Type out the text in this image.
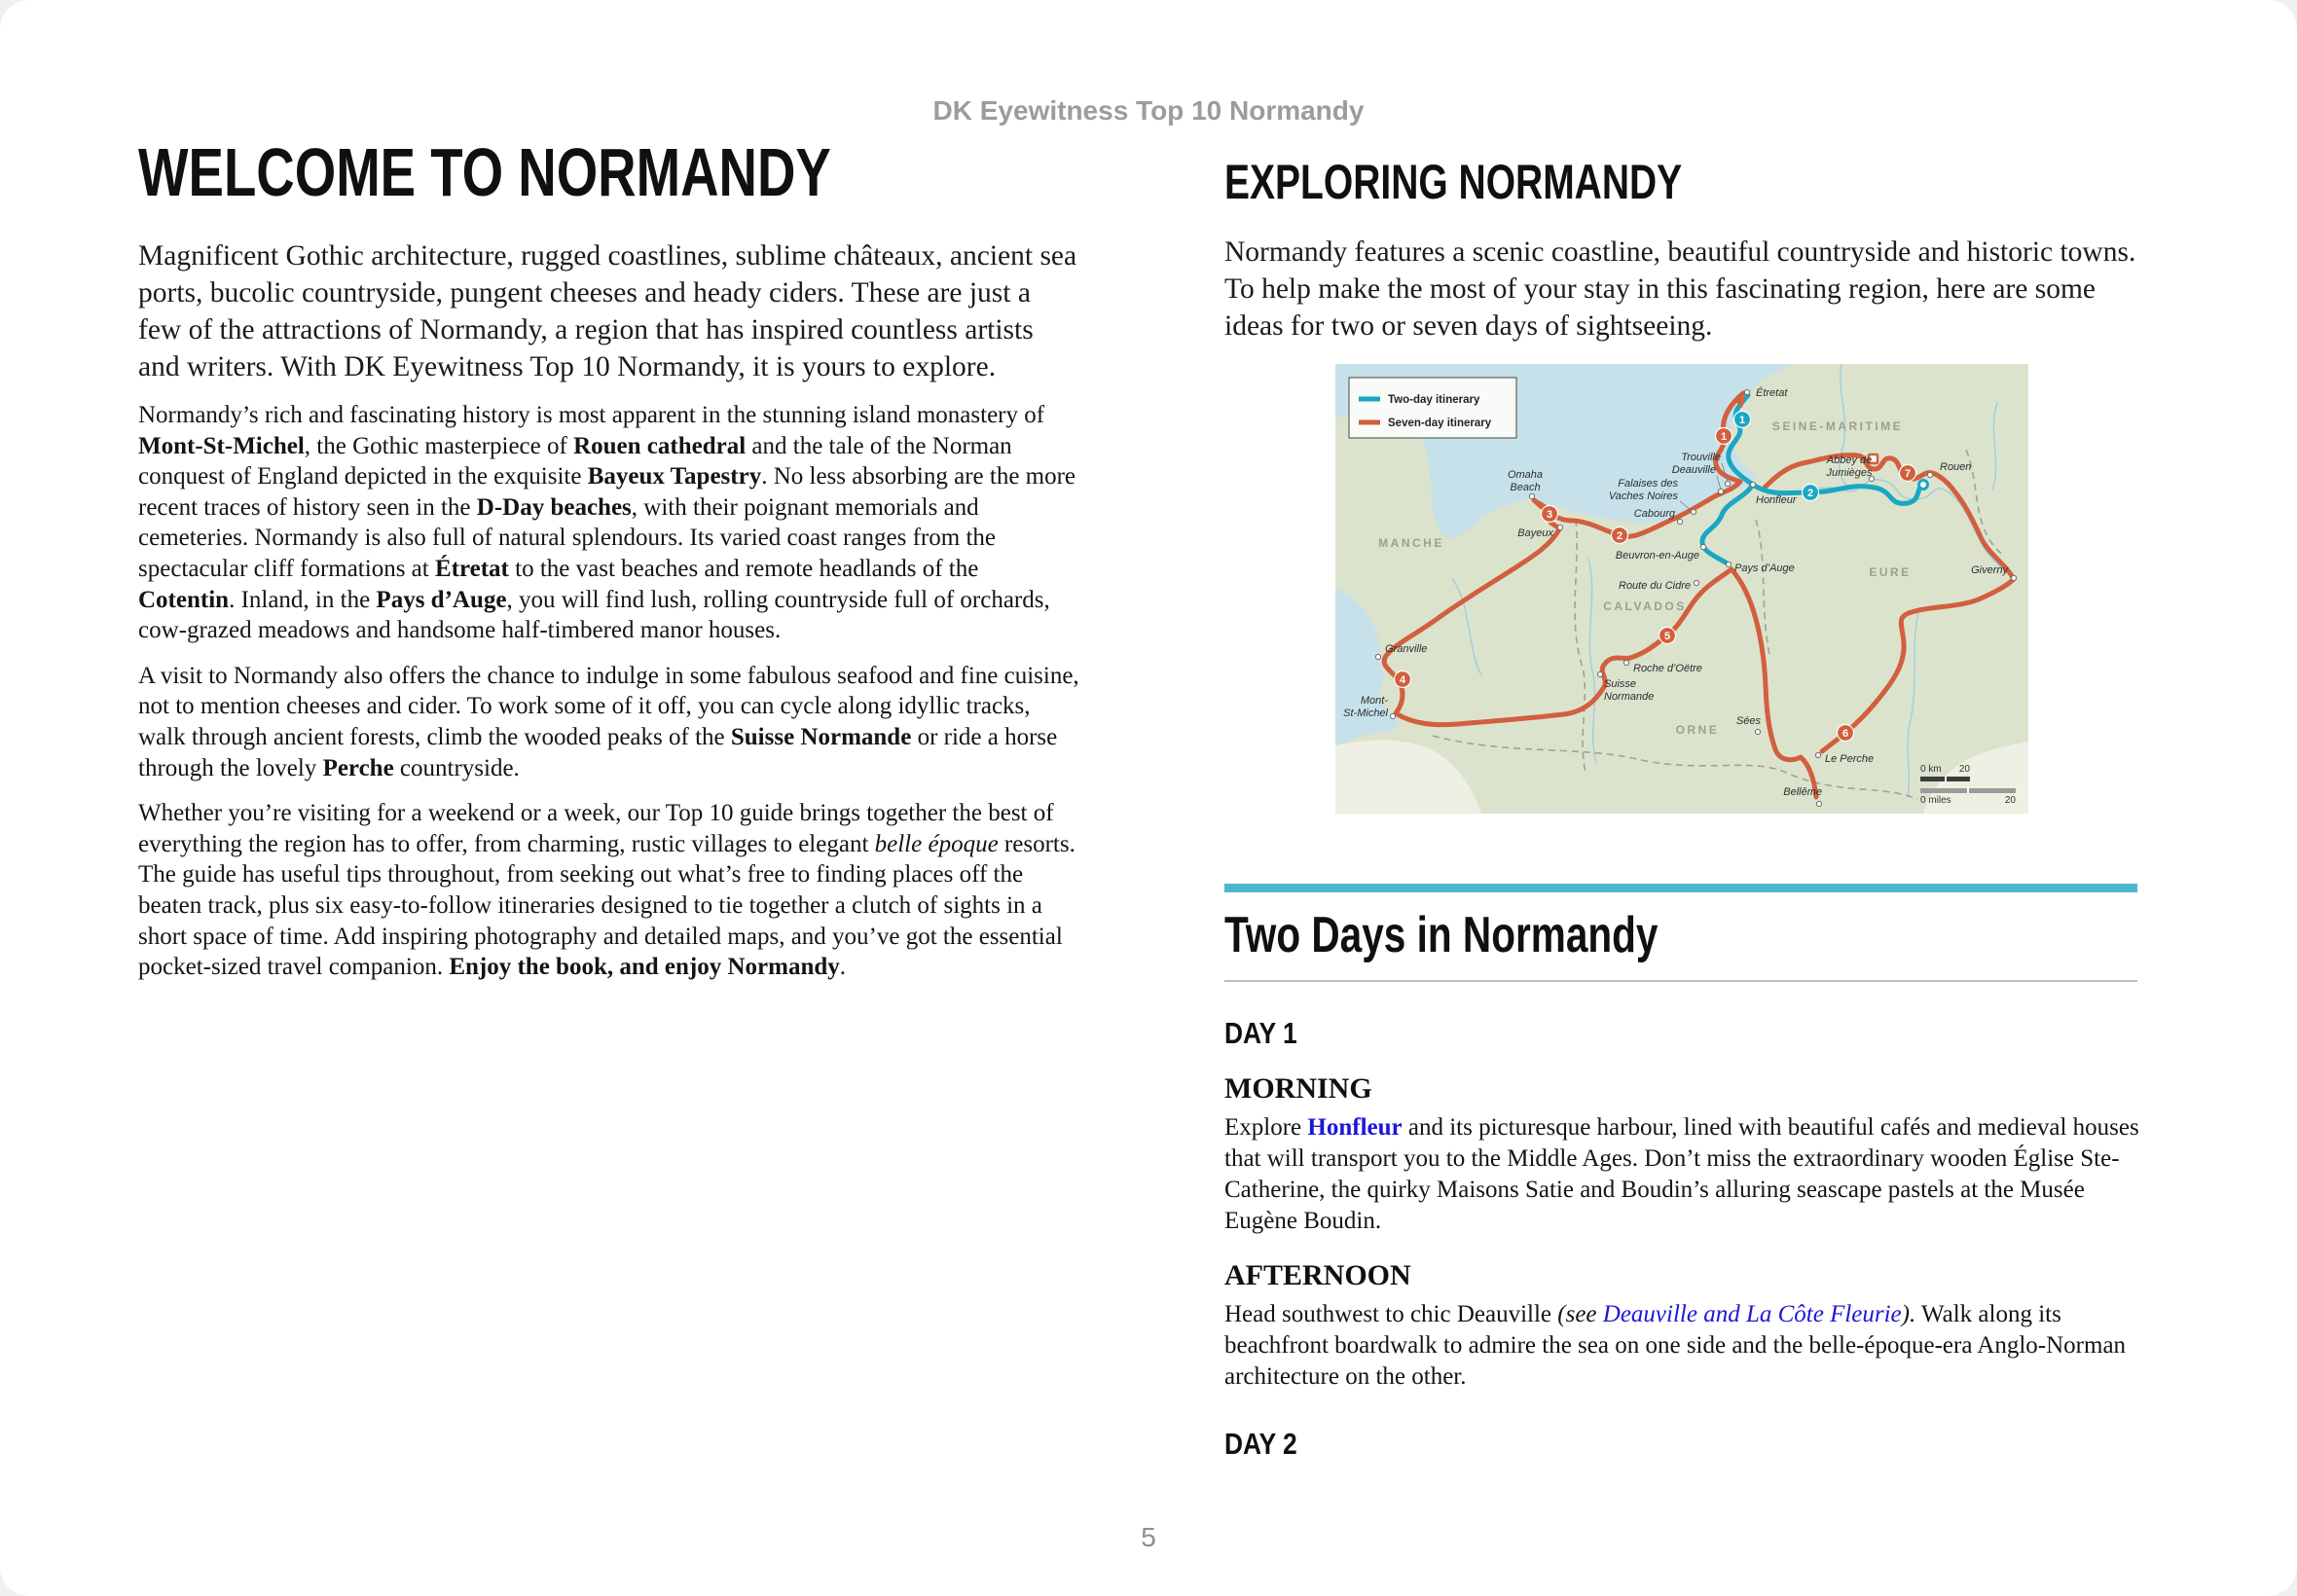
DK Eyewitness Top 10 Normandy
WELCOME TO NORMANDY

Magnificent Gothic architecture, rugged coastlines, sublime châteaux, ancient sea ports, bucolic countryside, pungent cheeses and heady ciders. These are just a few of the attractions of Normandy, a region that has inspired countless artists and writers. With DK Eyewitness Top 10 Normandy, it is yours to explore.

Normandy’s rich and fascinating history is most apparent in the stunning island monastery of Mont-St-Michel, the Gothic masterpiece of Rouen cathedral and the tale of the Norman conquest of England depicted in the exquisite Bayeux Tapestry. No less absorbing are the more recent traces of history seen in the D-Day beaches, with their poignant memorials and cemeteries. Normandy is also full of natural splendours. Its varied coast ranges from the spectacular cliff formations at Étretat to the vast beaches and remote headlands of the Cotentin. Inland, in the Pays d’Auge, you will find lush, rolling countryside full of orchards, cow-grazed meadows and handsome half-timbered manor houses.

A visit to Normandy also offers the chance to indulge in some fabulous seafood and fine cuisine, not to mention cheeses and cider. To work some of it off, you can cycle along idyllic tracks, walk through ancient forests, climb the wooded peaks of the Suisse Normande or ride a horse through the lovely Perche countryside.

Whether you’re visiting for a weekend or a week, our Top 10 guide brings together the best of everything the region has to offer, from charming, rustic villages to elegant belle époque resorts. The guide has useful tips throughout, from seeking out what’s free to finding places off the beaten track, plus six easy-to-follow itineraries designed to tie together a clutch of sights in a short space of time. Add inspiring photography and detailed maps, and you’ve got the essential pocket-sized travel companion. Enjoy the book, and enjoy Normandy.

EXPLORING NORMANDY

Normandy features a scenic coastline, beautiful countryside and historic towns. To help make the most of your stay in this fascinating region, here are some ideas for two or seven days of sightseeing.

Two-day itinerary
Seven-day itinerary
Étretat
SEINE-MARITIME
Trouville
Deauville
Abbey de
Jumièges	Rouen
Honfleur
Falaises des
Vaches Noires
Cabourg
Omaha
Beach
Bayeux
Beuvron-en-Auge
Pays d’Auge
Route du Cidre
CALVADOS
EURE
MANCHE
Granville
Mont-
St-Michel
Roche d’Oëtre
Suisse
Normande
ORNE
Sées
Le Perche
Bellême
Giverny
1
2
1
2
3
4
5
6
7
0 km 20
0 miles	20
Two Days in Normandy
DAY 1
MORNING

Explore Honfleur and its picturesque harbour, lined with beautiful cafés and medieval houses that will transport you to the Middle Ages. Don’t miss the extraordinary wooden Église Ste-Catherine, the quirky Maisons Satie and Boudin’s alluring seascape pastels at the Musée Eugène Boudin.

AFTERNOON

Head southwest to chic Deauville (see Deauville and La Côte Fleurie). Walk along its beachfront boardwalk to admire the sea on one side and the belle-époque-era Anglo-Norman architecture on the other.

DAY 2
5
